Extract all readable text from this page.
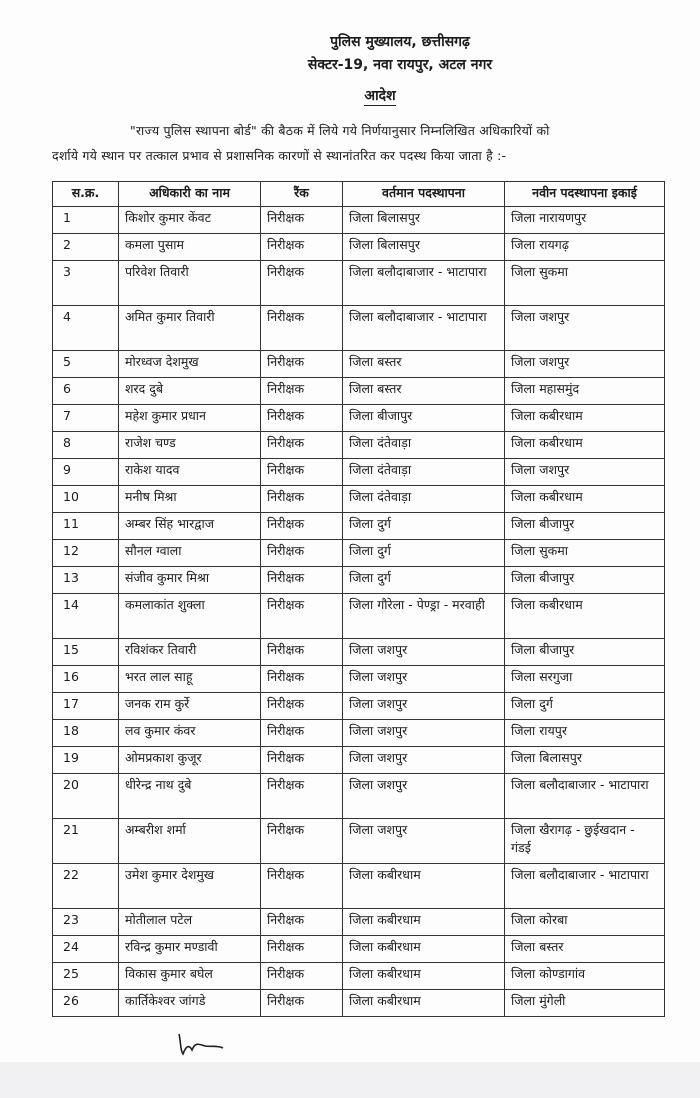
पुलिस मुख्यालय, छत्तीसगढ़
सेक्टर-19, नवा रायपुर, अटल नगर
आदेश
"राज्य पुलिस स्थापना बोर्ड" की बैठक में लिये गये निर्णयानुसार निम्नलिखित अधिकारियों को
दर्शाये गये स्थान पर तत्काल प्रभाव से प्रशासनिक कारणों से स्थानांतरित कर पदस्थ किया जाता है :-
स.क्र.	अधिकारी का नाम	रैंक	वर्तमान पदस्थापना	नवीन पदस्थापना इकाई
1	किशोर कुमार केंवट	निरीक्षक	जिला बिलासपुर	जिला नारायणपुर
2	कमला पुसाम	निरीक्षक	जिला बिलासपुर	जिला रायगढ़
3	परिवेश तिवारी	निरीक्षक	जिला बलौदाबाजार - भाटापारा	जिला सुकमा
4	अमित कुमार तिवारी	निरीक्षक	जिला बलौदाबाजार - भाटापारा	जिला जशपुर
5	मोरध्वज देशमुख	निरीक्षक	जिला बस्तर	जिला जशपुर
6	शरद दुबे	निरीक्षक	जिला बस्तर	जिला महासमुंद
7	महेश कुमार प्रधान	निरीक्षक	जिला बीजापुर	जिला कबीरधाम
8	राजेश चण्ड	निरीक्षक	जिला दंतेवाड़ा	जिला कबीरधाम
9	राकेश यादव	निरीक्षक	जिला दंतेवाड़ा	जिला जशपुर
10	मनीष मिश्रा	निरीक्षक	जिला दंतेवाड़ा	जिला कबीरधाम
11	अम्बर सिंह भारद्वाज	निरीक्षक	जिला दुर्ग	जिला बीजापुर
12	सौनल ग्वाला	निरीक्षक	जिला दुर्ग	जिला सुकमा
13	संजीव कुमार मिश्रा	निरीक्षक	जिला दुर्ग	जिला बीजापुर
14	कमलाकांत शुक्ला	निरीक्षक	जिला गौरेला - पेण्ड्रा - मरवाही	जिला कबीरधाम
15	रविशंकर तिवारी	निरीक्षक	जिला जशपुर	जिला बीजापुर
16	भरत लाल साहू	निरीक्षक	जिला जशपुर	जिला सरगुजा
17	जनक राम कुर्रे	निरीक्षक	जिला जशपुर	जिला दुर्ग
18	लव कुमार कंवर	निरीक्षक	जिला जशपुर	जिला रायपुर
19	ओमप्रकाश कुजूर	निरीक्षक	जिला जशपुर	जिला बिलासपुर
20	धीरेन्द्र नाथ दुबे	निरीक्षक	जिला जशपुर	जिला बलौदाबाजार - भाटापारा
21	अम्बरीश शर्मा	निरीक्षक	जिला जशपुर	जिला खैरागढ़ - छुईखदान - गंडई
22	उमेश कुमार देशमुख	निरीक्षक	जिला कबीरधाम	जिला बलौदाबाजार - भाटापारा
23	मोतीलाल पटेल	निरीक्षक	जिला कबीरधाम	जिला कोरबा
24	रविन्द्र कुमार मण्डावी	निरीक्षक	जिला कबीरधाम	जिला बस्तर
25	विकास कुमार बघेल	निरीक्षक	जिला कबीरधाम	जिला कोण्डागांव
26	कार्तिकेश्वर जांगडे	निरीक्षक	जिला कबीरधाम	जिला मुंगेली
